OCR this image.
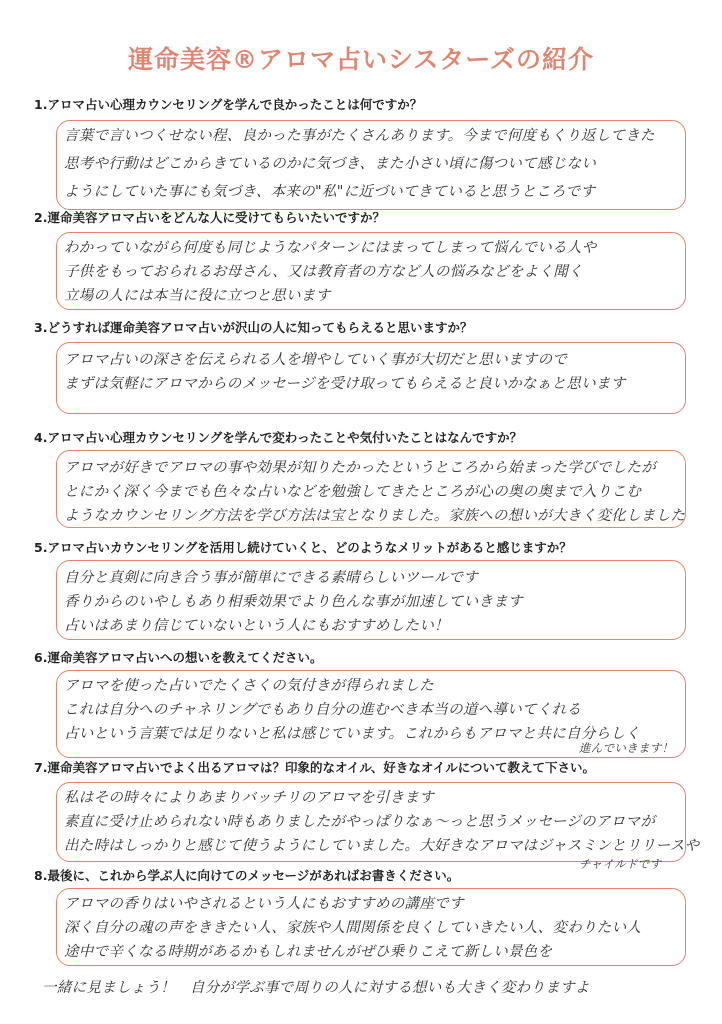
運命美容®アロマ占いシスターズの紹介
1.アロマ占い心理カウンセリングを学んで良かったことは何ですか？
言葉で言いつくせない程、良かった事がたくさんあります。今まで何度もくり返してきた
思考や行動はどこからきているのかに気づき、また小さい頃に傷ついて感じない
ようにしていた事にも気づき、本来の"私"に近づいてきていると思うところです
2.運命美容アロマ占いをどんな人に受けてもらいたいですか？
わかっていながら何度も同じようなパターンにはまってしまって悩んでいる人や
子供をもっておられるお母さん、又は教育者の方など人の悩みなどをよく聞く
立場の人には本当に役に立つと思います
3.どうすれば運命美容アロマ占いが沢山の人に知ってもらえると思いますか？
アロマ占いの深さを伝えられる人を増やしていく事が大切だと思いますので
まずは気軽にアロマからのメッセージを受け取ってもらえると良いかなぁと思います
4.アロマ占い心理カウンセリングを学んで変わったことや気付いたことはなんですか？
アロマが好きでアロマの事や効果が知りたかったというところから始まった学びでしたが
とにかく深く今までも色々な占いなどを勉強してきたところが心の奥の奥まで入りこむ
ようなカウンセリング方法を学び方法は宝となりました。家族への想いが大きく変化しました
5.アロマ占いカウンセリングを活用し続けていくと、どのようなメリットがあると感じますか？
自分と真剣に向き合う事が簡単にできる素晴らしいツールです
香りからのいやしもあり相乗効果でより色んな事が加速していきます
占いはあまり信じていないという人にもおすすめしたい！
6.運命美容アロマ占いへの想いを教えてください。
アロマを使った占いでたくさくの気付きが得られました
これは自分へのチャネリングでもあり自分の進むべき本当の道へ導いてくれる
占いという言葉では足りないと私は感じています。これからもアロマと共に自分らしく
進んでいきます！
7.運命美容アロマ占いでよく出るアロマは？印象的なオイル、好きなオイルについて教えて下さい。
私はその時々によりあまりバッチリのアロマを引きます
素直に受け止められない時もありましたがやっぱりなぁ～っと思うメッセージのアロマが
出た時はしっかりと感じて使うようにしていました。大好きなアロマはジャスミンとリリースや
チャイルドです
8.最後に、これから学ぶ人に向けてのメッセージがあればお書きください。
アロマの香りはいやされるという人にもおすすめの講座です
深く自分の魂の声をききたい人、家族や人間関係を良くしていきたい人、変わりたい人
途中で辛くなる時期があるかもしれませんがぜひ乗りこえて新しい景色を
一緒に見ましょう！　自分が学ぶ事で周りの人に対する想いも大きく変わりますよ
